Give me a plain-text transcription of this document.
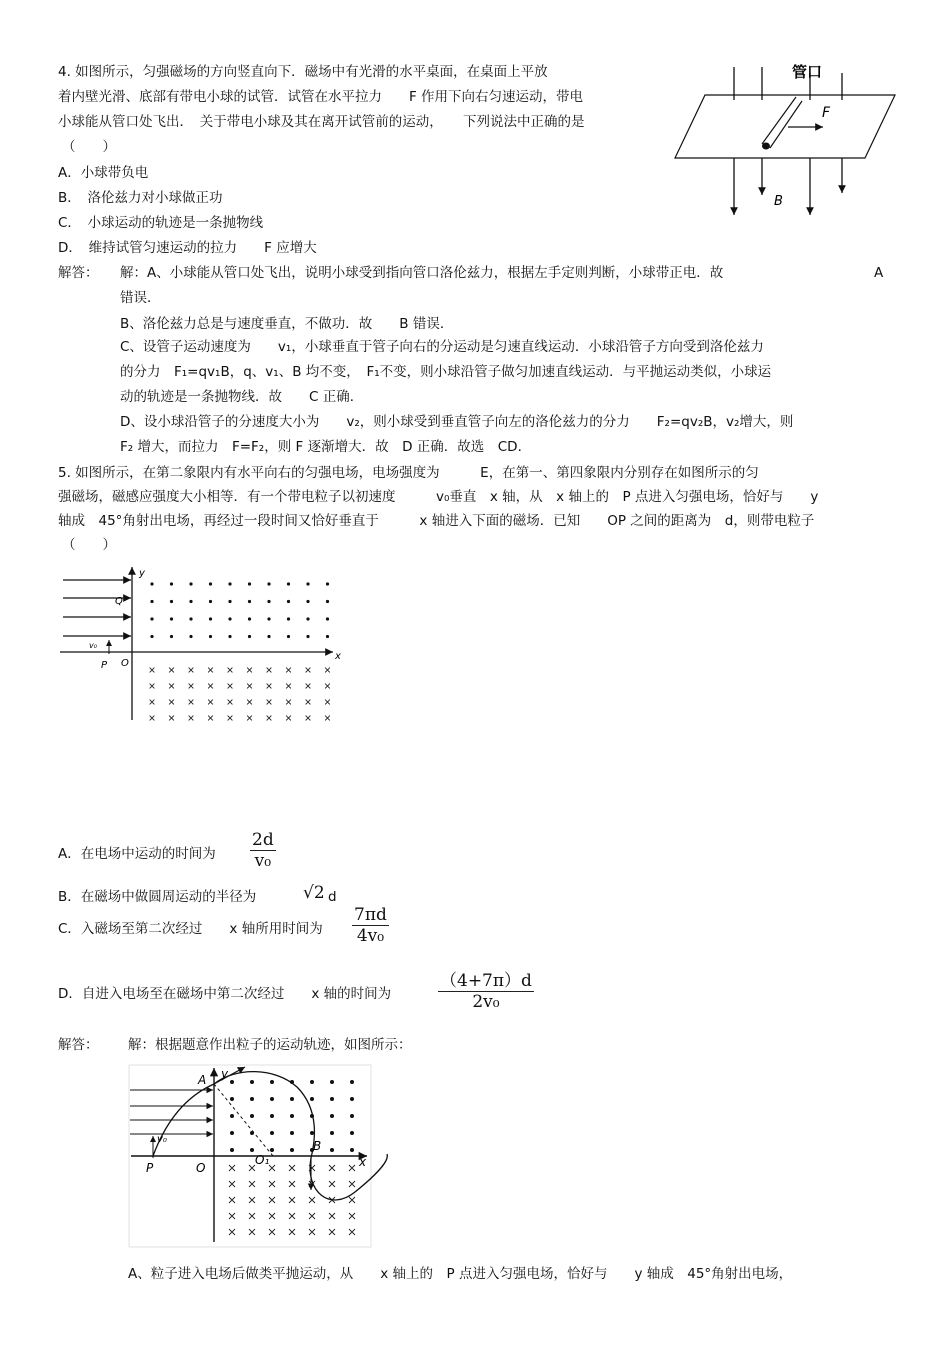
4. 如图所示，匀强磁场的方向竖直向下．磁场中有光滑的水平桌面，在桌面上平放
着内壁光滑、底部有带电小球的试管．试管在水平拉力　　F 作用下向右匀速运动，带电
小球能从管口处飞出．　关于带电小球及其在离开试管前的运动，　　下列说法中正确的是
（　　）
A．小球带负电
B．　洛伦兹力对小球做正功
C．　小球运动的轨迹是一条抛物线
D．　维持试管匀速运动的拉力　　F 应增大
F
B
管口
解答： 解：A、小球能从管口处飞出，说明小球受到指向管口洛伦兹力，根据左手定则判断，小球带正电．故	A
错误．
B、洛伦兹力总是与速度垂直，不做功．故　　B 错误．
C、设管子运动速度为　　v₁，小球垂直于管子向右的分运动是匀速直线运动．小球沿管子方向受到洛伦兹力
的分力　F₁=qv₁B，q、v₁、B 均不变，　F₁不变，则小球沿管子做匀加速直线运动．与平抛运动类似，小球运
动的轨迹是一条抛物线．故　　C 正确．
D、设小球沿管子的分速度大小为　　v₂，则小球受到垂直管子向左的洛伦兹力的分力　　F₂=qv₂B，v₂增大，则
F₂ 增大，而拉力　F=F₂，则 F 逐渐增大．故　D 正确．故选　CD．
5. 如图所示，在第二象限内有水平向右的匀强电场，电场强度为　　　E，在第一、第四象限内分别存在如图所示的匀
强磁场，磁感应强度大小相等．有一个带电粒子以初速度　　　v₀垂直　x 轴，从　x 轴上的　P 点进入匀强电场，恰好与　　y
轴成　45°角射出电场，再经过一段时间又恰好垂直于　　　x 轴进入下面的磁场．已知　　OP 之间的距离为　d，则带电粒子
（　　）
y
x
O
P
Q
v₀
A．在电场中运动的时间为 $\frac{2d}{\text{v₀}}$
B．在磁场中做圆周运动的半径为	√2 d
C．入磁场至第二次经过　　x 轴所用时间为 $\frac{7\pi d}{\text{4v₀}}$
D．自进入电场至在磁场中第二次经过　　x 轴的时间为	$\frac{(4+7\pi)d}{\text{2v₀}}$
解答： 解：根据题意作出粒子的运动轨迹，如图所示：
A y
x
O
O₁
P
B
v₀
A、粒子进入电场后做类平抛运动，从　　x 轴上的　P 点进入匀强电场，恰好与　　y 轴成　45°角射出电场，
